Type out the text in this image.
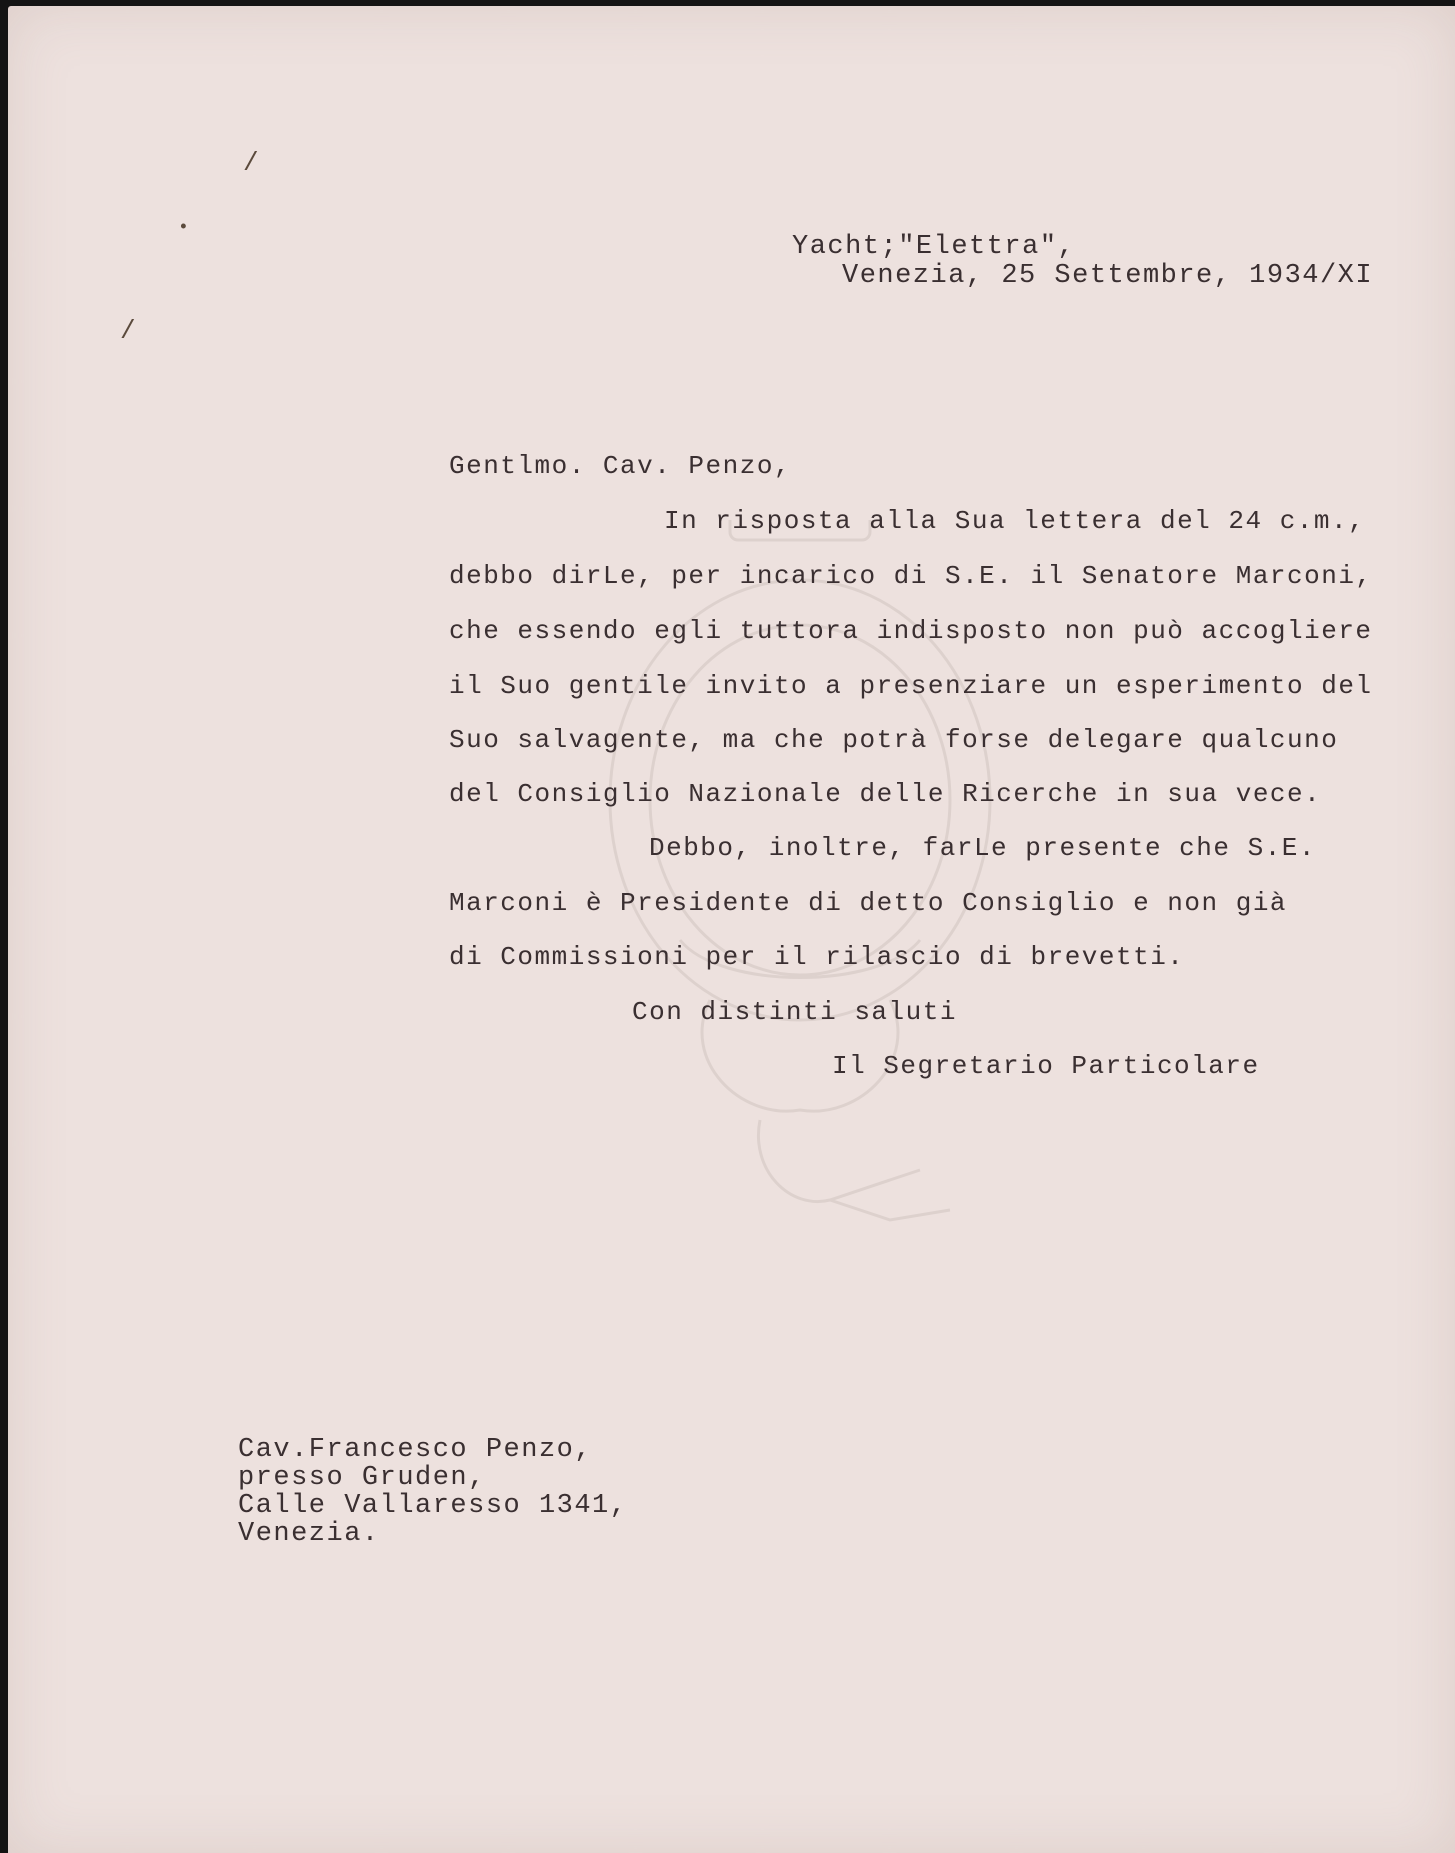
/
•
/

Yacht;"Elettra",

Venezia, 25 Settembre, 1934/XI

Gentlmo. Cav. Penzo,

In risposta alla Sua lettera del 24 c.m.,

debbo dirLe, per incarico di S.E. il Senatore Marconi,

che essendo egli tuttora indisposto non può accogliere

il Suo gentile invito a presenziare un esperimento del

Suo salvagente, ma che potrà forse delegare qualcuno

del Consiglio Nazionale delle Ricerche in sua vece.

Debbo, inoltre, farLe presente che S.E.

Marconi è Presidente di detto Consiglio e non già

di Commissioni per il rilascio di brevetti.

Con distinti saluti

Il Segretario Particolare

Cav.Francesco Penzo,

presso Gruden,

Calle Vallaresso 1341,

Venezia.
